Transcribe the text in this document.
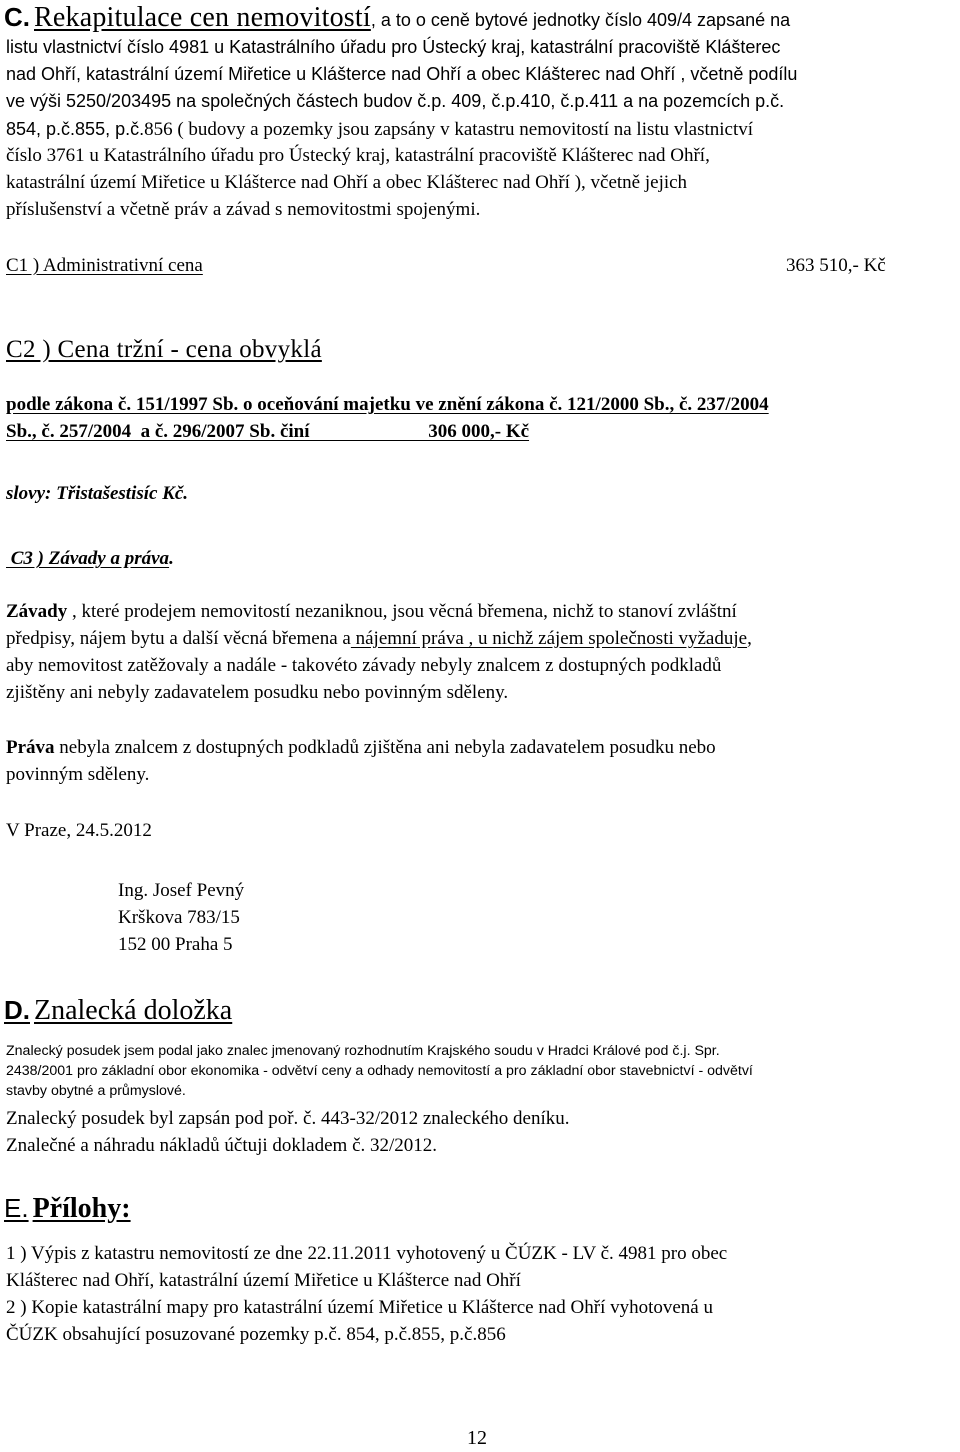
C. Rekapitulace cen nemovitostí, a to o ceně bytové jednotky číslo 409/4 zapsané na
listu vlastnictví číslo 4981 u Katastrálního úřadu pro Ústecký kraj, katastrální pracoviště Klášterec
nad Ohří, katastrální území Miřetice u Klášterce nad Ohří a obec Klášterec nad Ohří , včetně podílu
ve výši 5250/203495 na společných částech budov č.p. 409, č.p.410, č.p.411 a na pozemcích p.č.
854, p.č.855, p.č.856 ( budovy a pozemky jsou zapsány v katastru nemovitostí na listu vlastnictví
číslo 3761 u Katastrálního úřadu pro Ústecký kraj, katastrální pracoviště Klášterec nad Ohří,
katastrální území Miřetice u Klášterce nad Ohří a obec Klášterec nad Ohří ), včetně jejich
příslušenství a včetně práv a závad s nemovitostmi spojenými.
C1 ) Administrativní cena	363 510,- Kč
C2 ) Cena tržní - cena obvyklá
podle zákona č. 151/1997 Sb. o oceňování majetku ve znění zákona č. 121/2000 Sb., č. 237/2004
Sb., č. 257/2004  a č. 296/2007 Sb. činí                         306 000,- Kč
slovy: Třistašestisíc Kč.
C3 ) Závady a práva.
Závady , které prodejem nemovitostí nezaniknou, jsou věcná břemena, nichž to stanoví zvláštní
předpisy, nájem bytu a další věcná břemena a nájemní práva , u nichž zájem společnosti vyžaduje,
aby nemovitost zatěžovaly a nadále - takovéto závady nebyly znalcem z dostupných podkladů
zjištěny ani nebyly zadavatelem posudku nebo povinným sděleny.
Práva nebyla znalcem z dostupných podkladů zjištěna ani nebyla zadavatelem posudku nebo
povinným sděleny.
V Praze, 24.5.2012
Ing. Josef Pevný
Krškova 783/15
152 00 Praha 5
D. Znalecká doložka
Znalecký posudek jsem podal jako znalec jmenovaný rozhodnutím Krajského soudu v Hradci Králové pod č.j. Spr.
2438/2001 pro základní obor ekonomika - odvětví ceny a odhady nemovitostí a pro základní obor stavebnictví - odvětví
stavby obytné a průmyslové.
Znalecký posudek byl zapsán pod poř. č. 443-32/2012 znaleckého deníku.
Znalečné a náhradu nákladů účtuji dokladem č. 32/2012.
E. Přílohy:
1 ) Výpis z katastru nemovitostí ze dne 22.11.2011 vyhotovený u ČÚZK - LV č. 4981 pro obec
Klášterec nad Ohří, katastrální území Miřetice u Klášterce nad Ohří
2 ) Kopie katastrální mapy pro katastrální území Miřetice u Klášterce nad Ohří vyhotovená u
ČÚZK obsahující posuzované pozemky p.č. 854, p.č.855, p.č.856
12
